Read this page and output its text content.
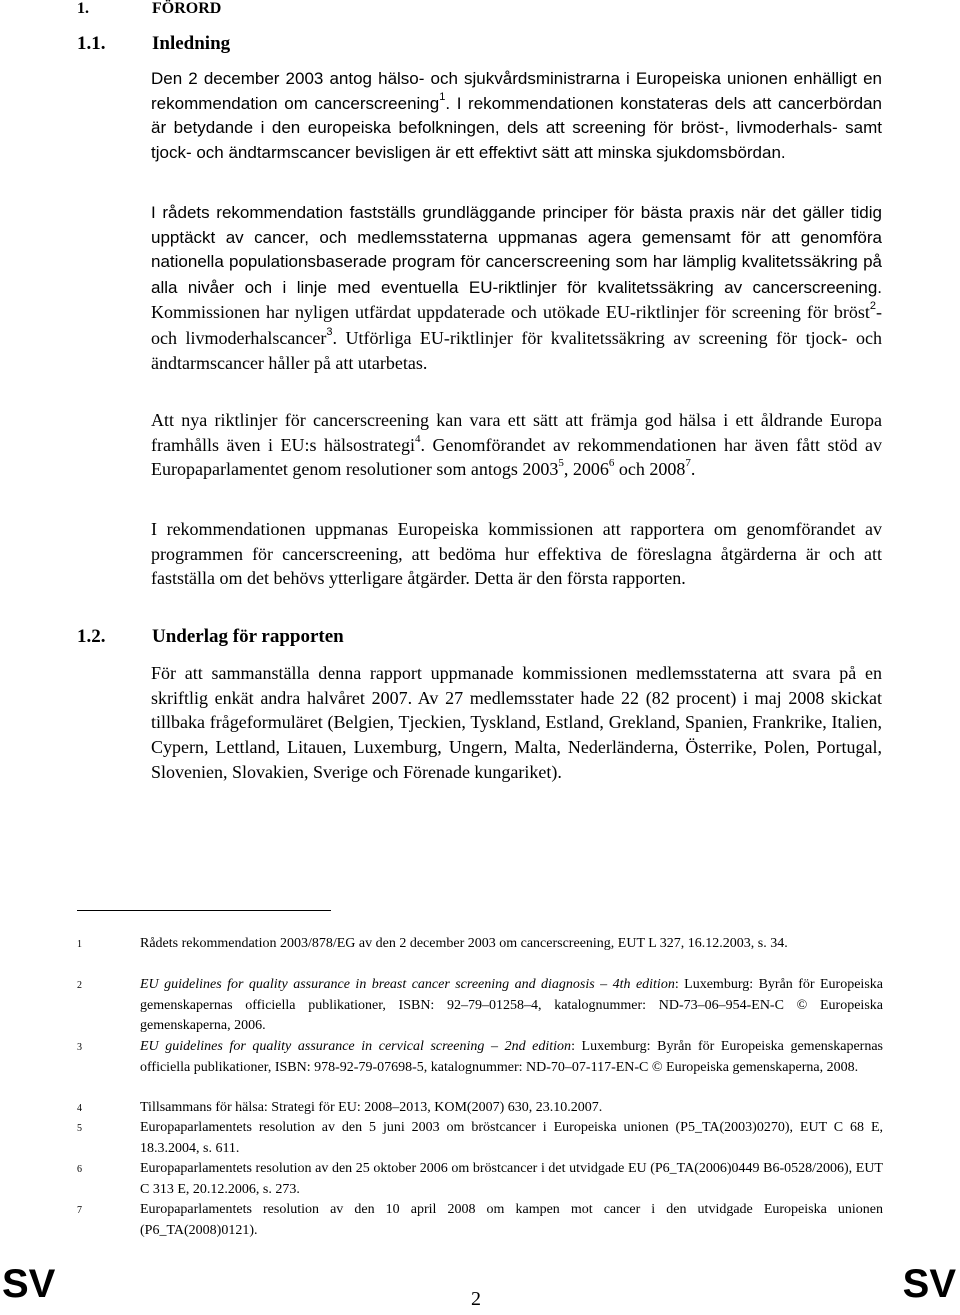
1.	FÖRORD
1.1. Inledning

Den 2 december 2003 antog hälso- och sjukvårdsministrarna i Europeiska unionen enhälligt en rekommendation om cancerscreening$^1$. I rekommendationen konstateras dels att cancerbördan är betydande i den europeiska befolkningen, dels att screening för bröst-, livmoderhals- samt tjock- och ändtarmscancer bevisligen är ett effektivt sätt att minska sjukdomsbördan.

I rådets rekommendation fastställs grundläggande principer för bästa praxis när det gäller tidig upptäckt av cancer, och medlemsstaterna uppmanas agera gemensamt för att genomföra nationella populationsbaserade program för cancerscreening som har lämplig kvalitetssäkring på alla nivåer och i linje med eventuella EU-riktlinjer för kvalitetssäkring av cancerscreening. Kommissionen har nyligen utfärdat uppdaterade och utökade EU-riktlinjer för screening för bröst$^2$- och livmoderhalscancer$^3$. Utförliga EU-riktlinjer för kvalitetssäkring av screening för tjock- och ändtarmscancer håller på att utarbetas.

Att nya riktlinjer för cancerscreening kan vara ett sätt att främja god hälsa i ett åldrande Europa framhålls även i EU:s hälsostrategi$^4$. Genomförandet av rekommendationen har även fått stöd av Europaparlamentet genom resolutioner som antogs 2003$^5$, 2006$^6$ och 2008$^7$.

I rekommendationen uppmanas Europeiska kommissionen att rapportera om genomförandet av programmen för cancerscreening, att bedöma hur effektiva de föreslagna åtgärderna är och att fastställa om det behövs ytterligare åtgärder. Detta är den första rapporten.

1.2. Underlag för rapporten

För att sammanställa denna rapport uppmanade kommissionen medlemsstaterna att svara på en skriftlig enkät andra halvåret 2007. Av 27 medlemsstater hade 22 (82 procent) i maj 2008 skickat tillbaka frågeformuläret (Belgien, Tjeckien, Tyskland, Estland, Grekland, Spanien, Frankrike, Italien, Cypern, Lettland, Litauen, Luxemburg, Ungern, Malta, Nederländerna, Österrike, Polen, Portugal, Slovenien, Slovakien, Sverige och Förenade kungariket).

1	Rådets rekommendation 2003/878/EG av den 2 december 2003 om cancerscreening, EUT L 327, 16.12.2003, s. 34.
2	EU guidelines for quality assurance in breast cancer screening and diagnosis – 4th edition: Luxemburg: Byrån för Europeiska gemenskapernas officiella publikationer, ISBN: 92–79–01258–4, katalognummer: ND-73–06–954-EN-C © Europeiska gemenskaperna, 2006.
3	EU guidelines for quality assurance in cervical screening – 2nd edition: Luxemburg: Byrån för Europeiska gemenskapernas officiella publikationer, ISBN: 978-92-79-07698-5, katalognummer: ND-70–07-117-EN-C © Europeiska gemenskaperna, 2008.
4	Tillsammans för hälsa: Strategi för EU: 2008–2013, KOM(2007) 630, 23.10.2007.
5	Europaparlamentets resolution av den 5 juni 2003 om bröstcancer i Europeiska unionen (P5_TA(2003)0270), EUT C 68 E, 18.3.2004, s. 611.
6	Europaparlamentets resolution av den 25 oktober 2006 om bröstcancer i det utvidgade EU (P6_TA(2006)0449 B6-0528/2006), EUT C 313 E, 20.12.2006, s. 273.
7	Europaparlamentets resolution av den 10 april 2008 om kampen mot cancer i den utvidgade Europeiska unionen (P6_TA(2008)0121).
SV	2	SV
